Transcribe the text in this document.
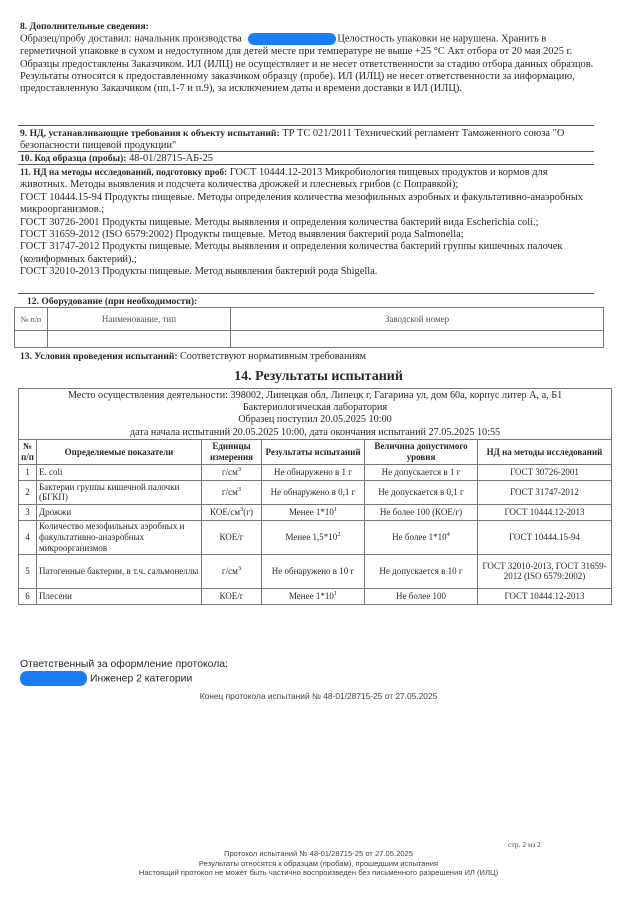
8. Дополнительные сведения:

Образец/пробу доставил: начальник производства	Целостность упаковки не нарушена. Хранить в герметичной упаковке в сухом и недоступном для детей месте при температуре не выше +25 °С Акт отбора от 20 мая 2025 г.

Образцы предоставлены Заказчиком. ИЛ (ИЛЦ) не осуществляет и не несет ответственности за стадию отбора данных образцов. Результаты относятся к предоставленному заказчиком образцу (пробе). ИЛ (ИЛЦ) не несет ответственности за информацию, предоставленную Заказчиком (пп.1-7 и п.9), за исключением даты и времени доставки в ИЛ (ИЛЦ).

9. НД, устанавливающие требования к объекту испытаний: ТР ТС 021/2011 Технический регламент Таможенного союза "О безопасности пищевой продукции"
10. Код образца (пробы): 48-01/28715-АБ-25

11. НД на методы исследований, подготовку проб: ГОСТ 10444.12-2013 Микробиология пищевых продуктов и кормов для животных. Методы выявления и подсчета количества дрожжей и плесневых грибов (с Поправкой);

ГОСТ 10444.15-94 Продукты пищевые. Методы определения количества мезофильных аэробных и факультативно-анаэробных микроорганизмов.;

ГОСТ 30726-2001 Продукты пищевые. Методы выявления и определения количества бактерий вида Escherichia coli.;

ГОСТ 31659-2012 (ISO 6579:2002) Продукты пищевые. Метод выявления бактерий рода Salmonella;

ГОСТ 31747-2012 Продукты пищевые. Методы выявления и определения количества бактерий группы кишечных палочек (колиформных бактерий).;

ГОСТ 32010-2013 Продукты пищевые. Метод выявления бактерий рода Shigella.

12. Оборудование (при необходимости):
№ п/п	Наименование, тип	Заводской номер

13. Условия проведения испытаний: Соответствуют нормативным требованиям
14. Результаты испытаний
Место осуществления деятельности: 398002, Липецкая обл, Липецк г, Гагарина ул, дом 60а, корпус литер А, а, Б1
Бактериологическая лаборатория
Образец поступил 20.05.2025 10:00
дата начала испытаний 20.05.2025 10:00, дата окончания испытаний 27.05.2025 10:55
№ п/п	Определяемые показатели	Единицы измерения	Результаты испытаний	Величина допустимого уровня	НД на методы исследований
1	E. coli	$г/см^3$	Не обнаружено в 1 г	Не допускается в 1 г	ГОСТ 30726-2001
2	Бактерии группы кишечной палочки (БГКП)	$г/см^3$	Не обнаружено в 0,1 г	Не допускается в 0,1 г	ГОСТ 31747-2012
3	Дрожжи	КОЕ/$см^3(г)$	Менее $1*10^1$	Не более 100 (КОЕ/г)	ГОСТ 10444.12-2013
4	Количество мезофильных аэробных и факультативно-анаэробных микроорганизмов	КОЕ/г	Менее $1,5*10^2$	Не более $1*10^4$	ГОСТ 10444.15-94
5	Патогенные бактерии, в т.ч. сальмонеллы	$г/см^3$	Не обнаружено в 10 г	Не допускается в 10 г	ГОСТ 32010-2013, ГОСТ 31659-2012 (ISO 6579:2002)
6	Плесени	КОЕ/г	Менее $1*10^1$	Не более 100	ГОСТ 10444.12-2013
Ответственный за оформление протокола:
Инженер 2 категории
Конец протокола испытаний № 48-01/28715-25 от 27.05.2025
стр. 2 из 2
Протокол испытаний № 48-01/28715-25 от 27.05.2025
Результаты относятся к образцам (пробам), прошедшим испытания
Настоящий протокол не может быть частично воспроизведен без письменного разрешения ИЛ (ИЛЦ)
